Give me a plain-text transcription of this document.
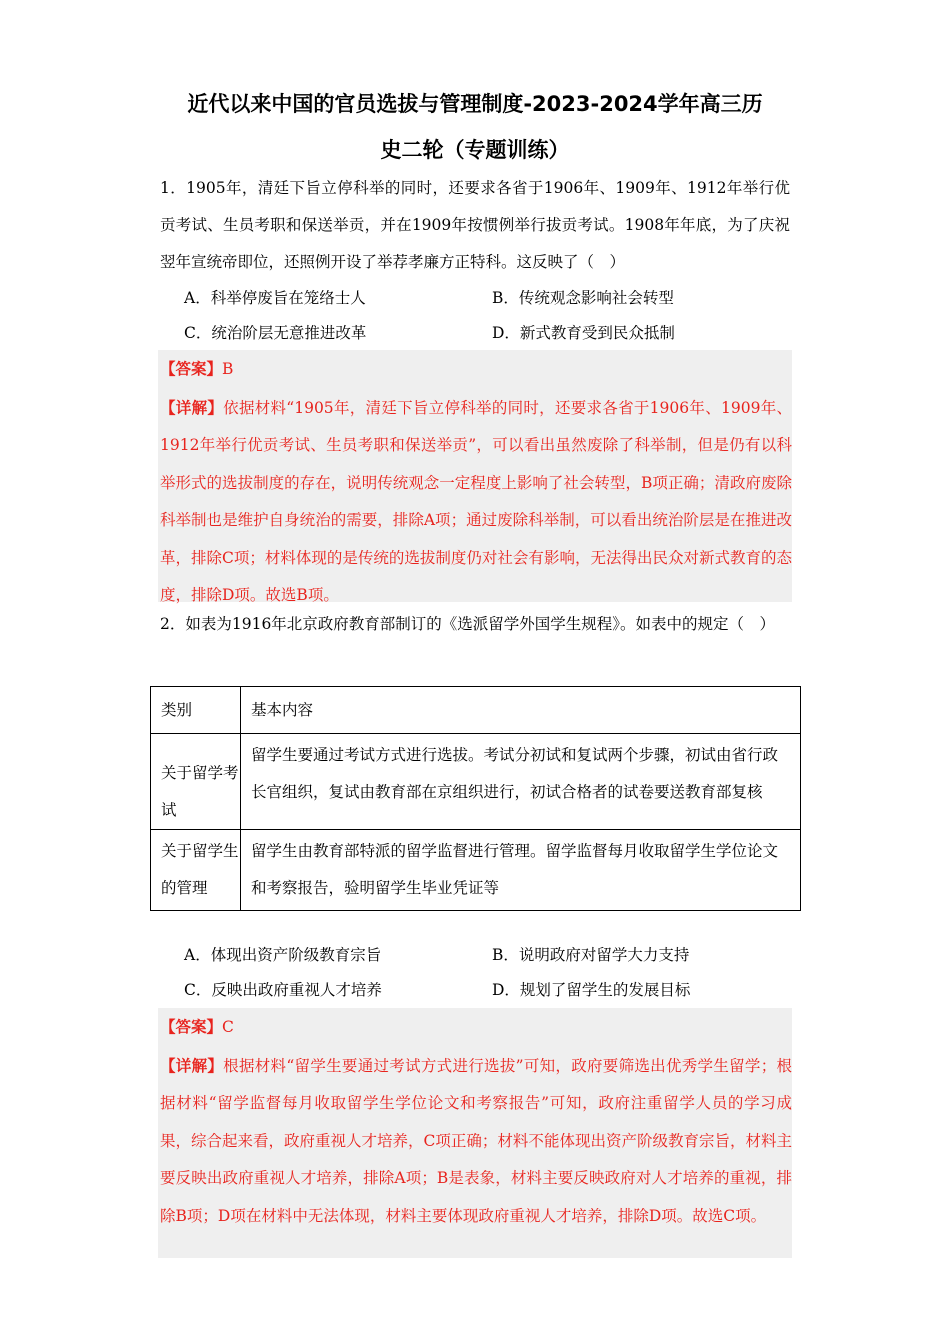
近代以来中国的官员选拔与管理制度-2023-2024学年高三历
史二轮（专题训练）
1．1905年，清廷下旨立停科举的同时，还要求各省于1906年、1909年、1912年举行优贡考试、生员考职和保送举贡，并在1909年按惯例举行拔贡考试。1908年年底，为了庆祝翌年宣统帝即位，还照例开设了举荐孝廉方正特科。这反映了（　）
A．科举停废旨在笼络士人	B．传统观念影响社会转型
C．统治阶层无意推进改革	D．新式教育受到民众抵制
【答案】B
【详解】依据材料“1905年，清廷下旨立停科举的同时，还要求各省于1906年、1909年、1912年举行优贡考试、生员考职和保送举贡”，可以看出虽然废除了科举制，但是仍有以科举形式的选拔制度的存在，说明传统观念一定程度上影响了社会转型，B项正确；清政府废除科举制也是维护自身统治的需要，排除A项；通过废除科举制，可以看出统治阶层是在推进改革，排除C项；材料体现的是传统的选拔制度仍对社会有影响，无法得出民众对新式教育的态度，排除D项。故选B项。
2．如表为1916年北京政府教育部制订的《选派留学外国学生规程》。如表中的规定（　）
类别	基本内容
关于留学考试	留学生要通过考试方式进行选拔。考试分初试和复试两个步骤，初试由省行政长官组织，复试由教育部在京组织进行，初试合格者的试卷要送教育部复核
关于留学生的管理	留学生由教育部特派的留学监督进行管理。留学监督每月收取留学生学位论文和考察报告，验明留学生毕业凭证等
A．体现出资产阶级教育宗旨	B．说明政府对留学大力支持
C．反映出政府重视人才培养	D．规划了留学生的发展目标
【答案】C
【详解】根据材料“留学生要通过考试方式进行选拔”可知，政府要筛选出优秀学生留学；根据材料“留学监督每月收取留学生学位论文和考察报告”可知，政府注重留学人员的学习成果，综合起来看，政府重视人才培养，C项正确；材料不能体现出资产阶级教育宗旨，材料主要反映出政府重视人才培养，排除A项；B是表象，材料主要反映政府对人才培养的重视，排除B项；D项在材料中无法体现，材料主要体现政府重视人才培养，排除D项。故选C项。
